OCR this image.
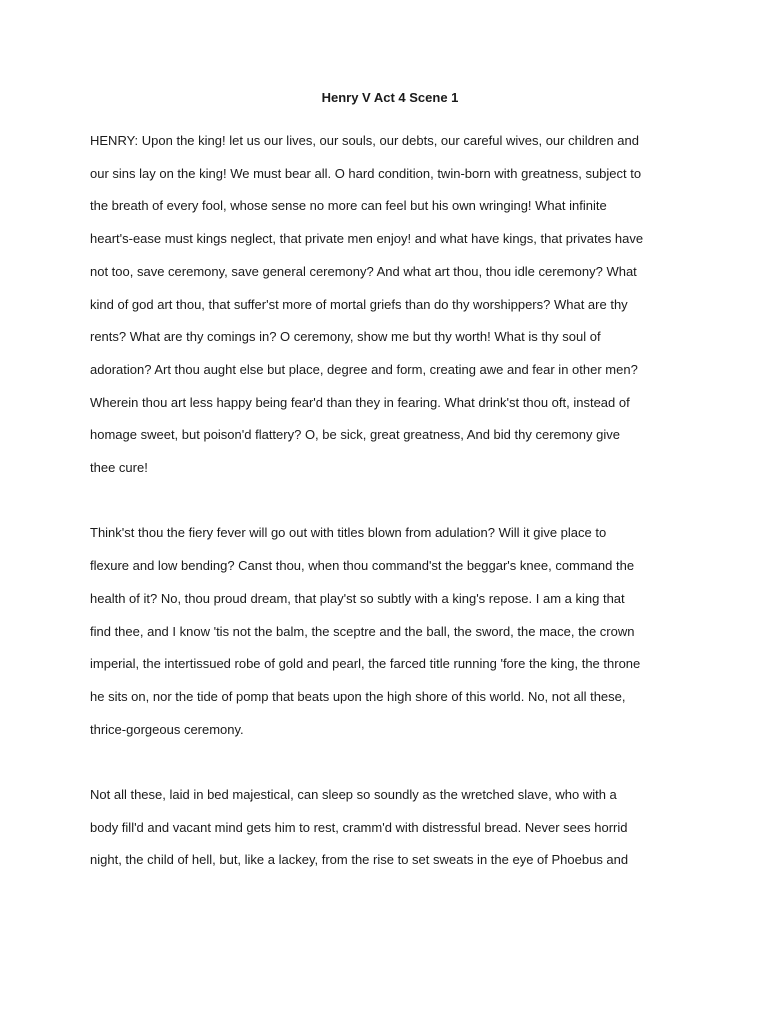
Henry V Act 4 Scene 1
HENRY: Upon the king! let us our lives, our souls, our debts, our careful wives, our children and
our sins lay on the king! We must bear all. O hard condition, twin-born with greatness, subject to
the breath of every fool, whose sense no more can feel but his own wringing! What infinite
heart's-ease must kings neglect, that private men enjoy! and what have kings, that privates have
not too, save ceremony, save general ceremony? And what art thou, thou idle ceremony? What
kind of god art thou, that suffer'st more of mortal griefs than do thy worshippers? What are thy
rents? What are thy comings in? O ceremony, show me but thy worth! What is thy soul of
adoration? Art thou aught else but place, degree and form, creating awe and fear in other men?
Wherein thou art less happy being fear'd than they in fearing. What drink'st thou oft, instead of
homage sweet, but poison'd flattery? O, be sick, great greatness, And bid thy ceremony give
thee cure!
Think'st thou the fiery fever will go out with titles blown from adulation? Will it give place to
flexure and low bending? Canst thou, when thou command'st the beggar's knee, command the
health of it? No, thou proud dream, that play'st so subtly with a king's repose. I am a king that
find thee, and I know 'tis not the balm, the sceptre and the ball, the sword, the mace, the crown
imperial, the intertissued robe of gold and pearl, the farced title running 'fore the king, the throne
he sits on, nor the tide of pomp that beats upon the high shore of this world. No, not all these,
thrice-gorgeous ceremony.
Not all these, laid in bed majestical, can sleep so soundly as the wretched slave, who with a
body fill'd and vacant mind gets him to rest, cramm'd with distressful bread. Never sees horrid
night, the child of hell, but, like a lackey, from the rise to set sweats in the eye of Phoebus and
